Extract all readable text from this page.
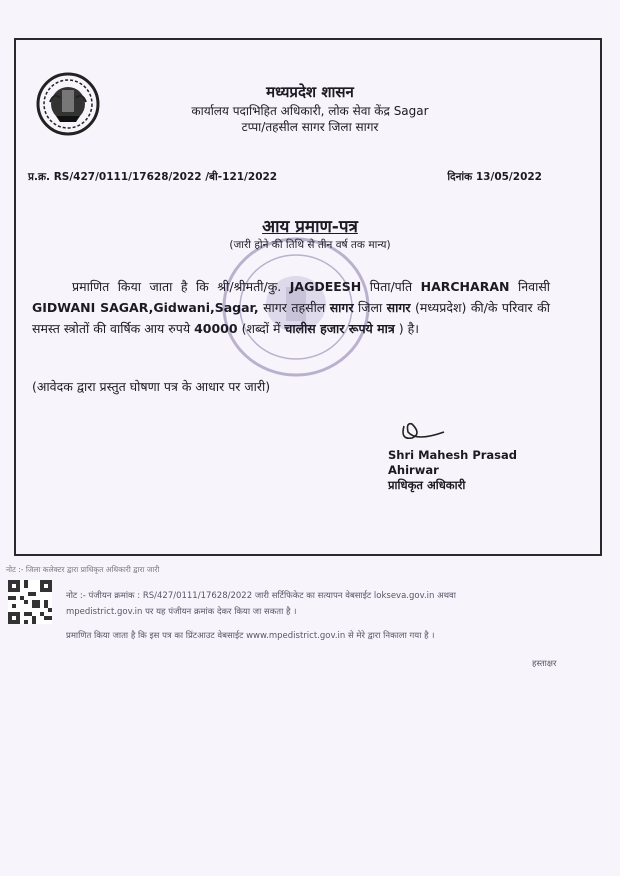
मध्यप्रदेश शासन
कार्यालय पदाभिहित अधिकारी, लोक सेवा केंद्र Sagar
टप्पा/तहसील सागर जिला सागर
प्र.क्र. RS/427/0111/17628/2022 /बी-121/2022	दिनांक 13/05/2022
आय प्रमाण-पत्र
(जारी होने की तिथि से तीन वर्ष तक मान्य)
प्रमाणित किया जाता है कि श्री/श्रीमती/कु. JAGDEESH पिता/पति HARCHARAN निवासी GIDWANI SAGAR,Gidwani,Sagar, सागर तहसील सागर जिला सागर (मध्यप्रदेश) की/के परिवार की समस्त स्त्रोतों की वार्षिक आय रुपये 40000 (शब्दों में चालीस हजार रूपये मात्र ) है।
(आवेदक द्वारा प्रस्तुत घोषणा पत्र के आधार पर जारी)
Shri Mahesh Prasad
Ahirwar
प्राधिकृत अधिकारी
नोट :- जिला कलेक्टर द्वारा प्राधिकृत अधिकारी द्वारा जारी
नोट :- पंजीयन क्रमांक : RS/427/0111/17628/2022 जारी सर्टिफिकेट का सत्यापन वेबसाईट lokseva.gov.in अथवा
mpedistrict.gov.in पर यह पंजीयन क्रमांक देकर किया जा सकता है ।
प्रमाणित किया जाता है कि इस पत्र का प्रिंटआउट वेबसाईट www.mpedistrict.gov.in से मेरे द्वारा निकाला गया है ।
हस्ताक्षर
